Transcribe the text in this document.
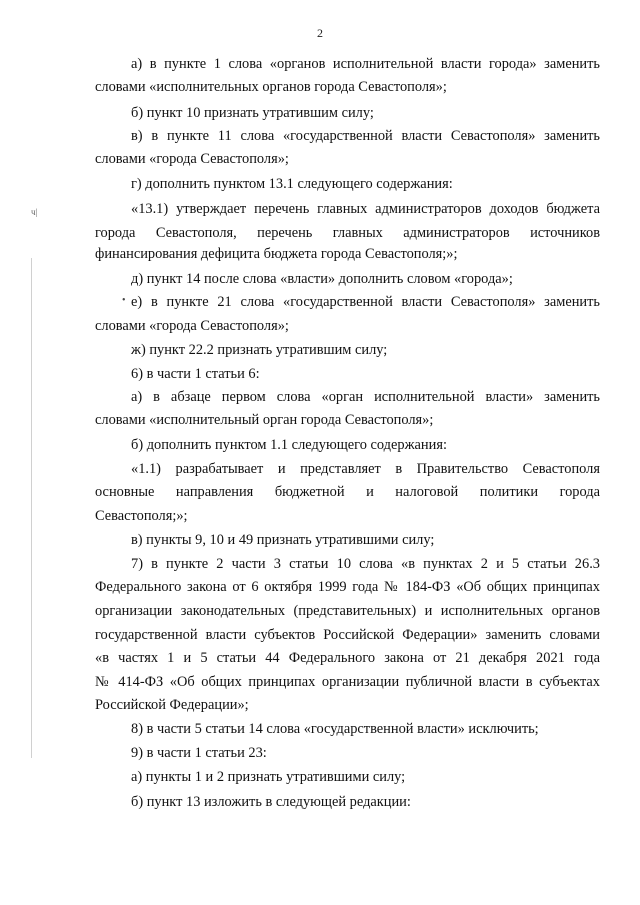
2
ч|
•
а) в пункте 1 слова «органов исполнительной власти города» заменить
словами «исполнительных органов города Севастополя»;
б) пункт 10 признать утратившим силу;
в) в пункте 11 слова «государственной власти Севастополя» заменить
словами «города Севастополя»;
г) дополнить пунктом 13.1 следующего содержания:
«13.1) утверждает перечень главных администраторов доходов бюджета
города Севастополя, перечень главных администраторов источников
финансирования дефицита бюджета города Севастополя;»;
д) пункт 14 после слова «власти» дополнить словом «города»;
е) в пункте 21 слова «государственной власти Севастополя» заменить
словами «города Севастополя»;
ж) пункт 22.2 признать утратившим силу;
6) в части 1 статьи 6:
а) в абзаце первом слова «орган исполнительной власти» заменить
словами «исполнительный орган города Севастополя»;
б) дополнить пунктом 1.1 следующего содержания:
«1.1) разрабатывает и представляет в Правительство Севастополя
основные направления бюджетной и налоговой политики города
Севастополя;»;
в) пункты 9, 10 и 49 признать утратившими силу;
7) в пункте 2 части 3 статьи 10 слова «в пунктах 2 и 5 статьи 26.3
Федерального закона от 6 октября 1999 года № 184-ФЗ «Об общих принципах
организации законодательных (представительных) и исполнительных органов
государственной власти субъектов Российской Федерации» заменить словами
«в частях 1 и 5 статьи 44 Федерального закона от 21 декабря 2021 года
№ 414-ФЗ «Об общих принципах организации публичной власти в субъектах
Российской Федерации»;
8) в части 5 статьи 14 слова «государственной власти» исключить;
9) в части 1 статьи 23:
а) пункты 1 и 2 признать утратившими силу;
б) пункт 13 изложить в следующей редакции:
